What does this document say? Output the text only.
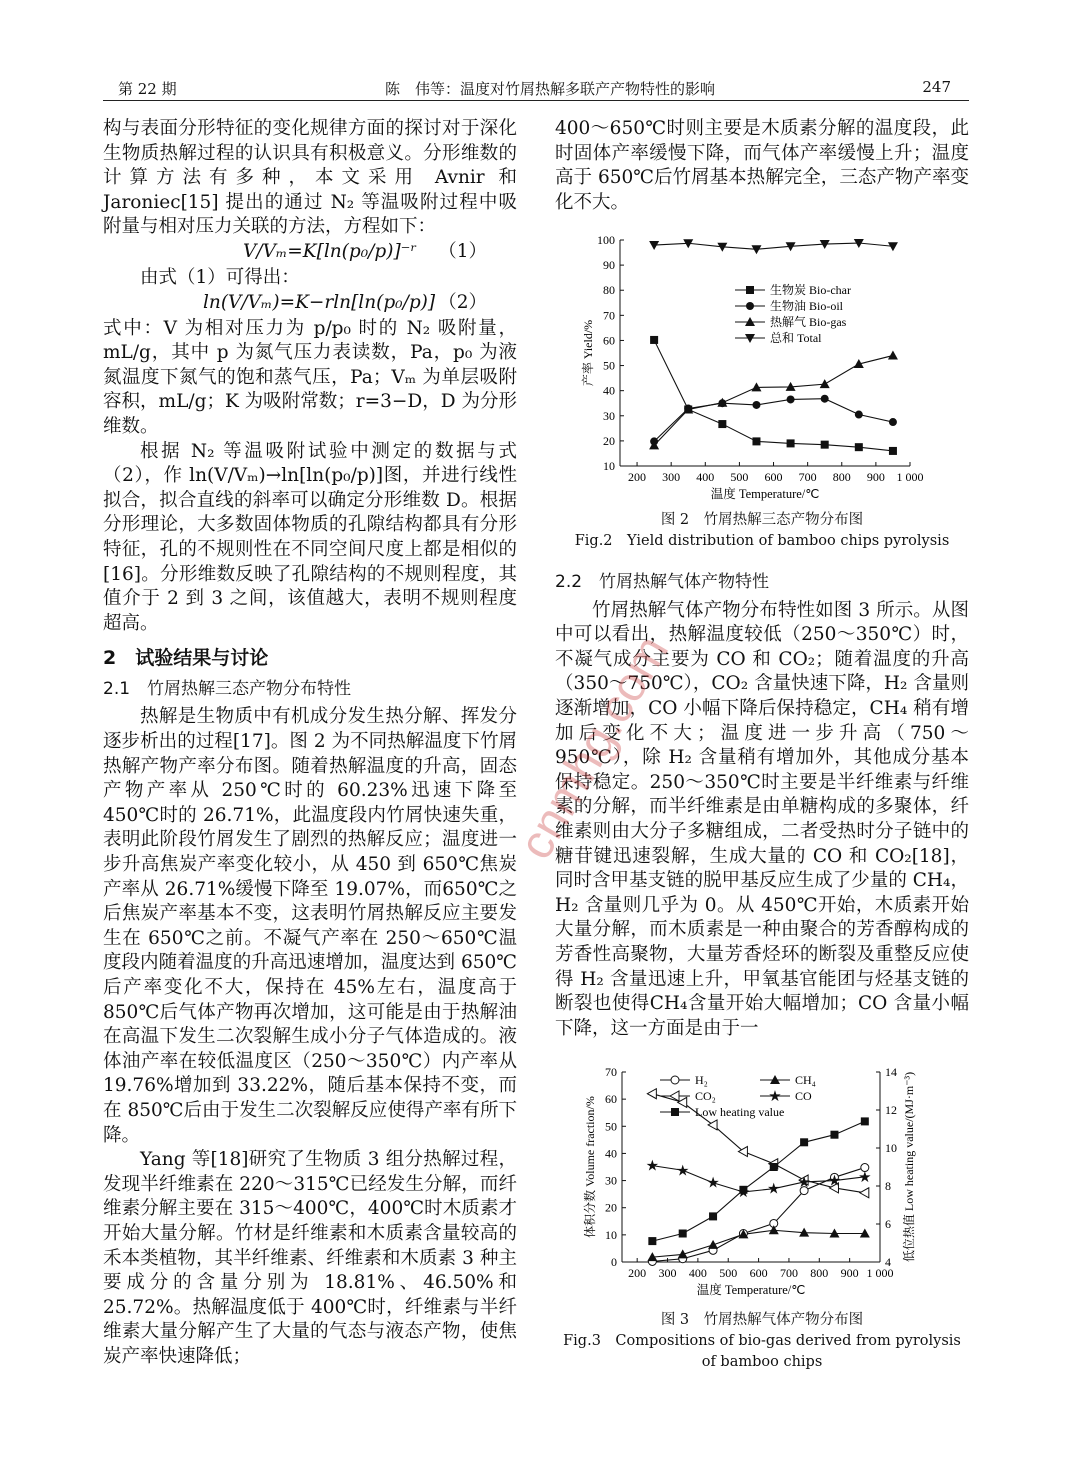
第 22 期	陈　伟等：温度对竹屑热解多联产产物特性的影响	247

构与表面分形特征的变化规律方面的探讨对于深化生物质热解过程的认识具有积极意义。分形维数的计算方法有多种，本文采用 Avnir 和 Jaroniec[15] 提出的通过 N₂ 等温吸附过程中吸附量与相对压力关联的方法，方程如下：

V/Vₘ=K[ln(p₀/p)]⁻ʳ （1）

由式（1）可得出：

ln(V/Vₘ)=K−rln[ln(p₀/p)] （2）

式中：V 为相对压力为 p/p₀ 时的 N₂ 吸附量，mL/g，其中 p 为氮气压力表读数，Pa，p₀ 为液氮温度下氮气的饱和蒸气压，Pa；Vₘ 为单层吸附容积，mL/g；K 为吸附常数；r=3−D，D 为分形维数。

根据 N₂ 等温吸附试验中测定的数据与式（2），作 ln(V/Vₘ)→ln[ln(p₀/p)]图，并进行线性拟合，拟合直线的斜率可以确定分形维数 D。根据分形理论，大多数固体物质的孔隙结构都具有分形特征，孔的不规则性在不同空间尺度上都是相似的[16]。分形维数反映了孔隙结构的不规则程度，其值介于 2 到 3 之间，该值越大，表明不规则程度超高。

2　试验结果与讨论
2.1　竹屑热解三态产物分布特性

热解是生物质中有机成分发生热分解、挥发分逐步析出的过程[17]。图 2 为不同热解温度下竹屑热解产物产率分布图。随着热解温度的升高，固态产物产率从 250℃时的 60.23%迅速下降至 450℃时的 26.71%，此温度段内竹屑快速失重，表明此阶段竹屑发生了剧烈的热解反应；温度进一步升高焦炭产率变化较小，从 450 到 650℃焦炭产率从 26.71%缓慢下降至 19.07%，而650℃之后焦炭产率基本不变，这表明竹屑热解反应主要发生在 650℃之前。不凝气产率在 250～650℃温度段内随着温度的升高迅速增加，温度达到 650℃后产率变化不大，保持在 45%左右，温度高于 850℃后气体产物再次增加，这可能是由于热解油在高温下发生二次裂解生成小分子气体造成的。液体油产率在较低温度区（250～350℃）内产率从 19.76%增加到 33.22%，随后基本保持不变，而在 850℃后由于发生二次裂解反应使得产率有所下降。

Yang 等[18]研究了生物质 3 组分热解过程，发现半纤维素在 220～315℃已经发生分解，而纤维素分解主要在 315～400℃，400℃时木质素才开始大量分解。竹材是纤维素和木质素含量较高的禾本类植物，其半纤维素、纤维素和木质素 3 种主要成分的含量分别为 18.81%、46.50%和 25.72%。热解温度低于 400℃时，纤维素与半纤维素大量分解产生了大量的气态与液态产物，使焦炭产率快速降低；

400～650℃时则主要是木质素分解的温度段，此时固体产率缓慢下降，而气体产率缓慢上升；温度高于 650℃后竹屑基本热解完全，三态产物产率变化不大。

200 300 400 500 600 700 800 900 1 000
10
20
30
40
50
60
70
80
90
100
温度 Temperature/℃
产率 Yield/%
生物炭 Bio-char
生物油 Bio-oil
热解气 Bio-gas
总和 Total
图 2　竹屑热解三态产物分布图
Fig.2　Yield distribution of bamboo chips pyrolysis
2.2　竹屑热解气体产物特性

竹屑热解气体产物分布特性如图 3 所示。从图中可以看出，热解温度较低（250～350℃）时，不凝气成分主要为 CO 和 CO₂；随着温度的升高（350～750℃），CO₂ 含量快速下降，H₂ 含量则逐渐增加，CO 小幅下降后保持稳定，CH₄ 稍有增加后变化不大；温度进一步升高（750～950℃），除 H₂ 含量稍有增加外，其他成分基本保持稳定。250～350℃时主要是半纤维素与纤维素的分解，而半纤维素是由单糖构成的多聚体，纤维素则由大分子多糖组成，二者受热时分子链中的糖苷键迅速裂解，生成大量的 CO 和 CO₂[18]，同时含甲基支链的脱甲基反应生成了少量的 CH₄，H₂ 含量则几乎为 0。从 450℃开始，木质素开始大量分解，而木质素是一种由聚合的芳香醇构成的芳香性高聚物，大量芳香烃环的断裂及重整反应使得 H₂ 含量迅速上升，甲氧基官能团与烃基支链的断裂也使得CH₄含量开始大幅增加；CO 含量小幅下降，这一方面是由于一

200 300 400 500 600 700 800 900 1 000
0
10
20
30
40
50
60
70
4
6
8
10
12
14 低位热值 Low heating value/(MJ·m⁻³)
温度 Temperature/℃
体积分数 Volume fraction/%
H₂	CH₄
CO₂	CO
Low heating value
★ ★
★
★ ★ ★ ★ ★
★
图 3　竹屑热解气体产物分布图
Fig.3　Compositions of bio-gas derived from pyrolysis of bamboo chips
cnmhg.com
